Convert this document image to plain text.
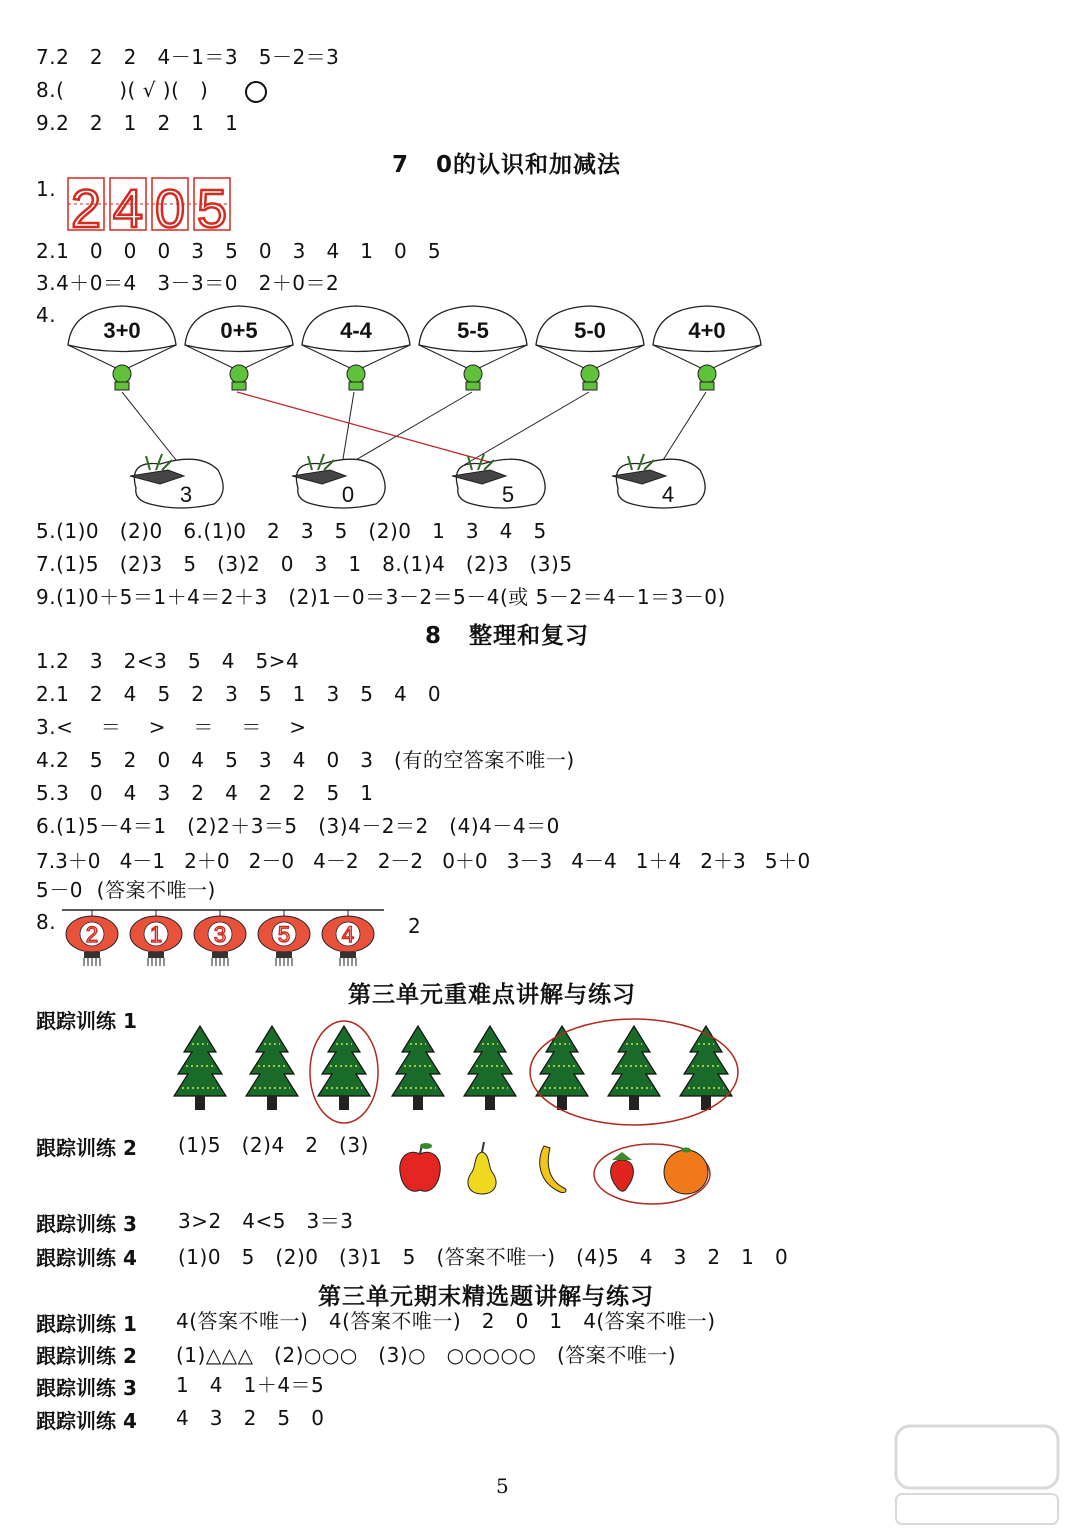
7.2   2   2   4－1＝3   5－2＝3
8.(        )( √ )(   )
9.2   2   1   2   1   1
7   0的认识和加减法
1. 2 4 0 5
2.1   0   0   0   3   5   0   3   4   1   0   5
3.4＋0＝4   3－3＝0   2＋0＝2
4.
3+0	0+5	4-4	5-5	5-0	4+0
3	0	5	4
5.(1)0   (2)0   6.(1)0   2   3   5   (2)0   1   3   4   5
7.(1)5   (2)3   5   (3)2   0   3   1   8.(1)4   (2)3   (3)5
9.(1)0＋5＝1＋4＝2＋3   (2)1－0＝3－2＝5－4(或 5－2＝4－1＝3－0)
8   整理和复习
1.2   3   2<3   5   4   5>4
2.1   2   4   5   2   3   5   1   3   5   4   0
3.<    ＝    >    ＝    ＝    >
4.2   5   2   0   4   5   3   4   0   3   (有的空答案不唯一)
5.3   0   4   3   2   4   2   2   5   1
6.(1)5－4＝1   (2)2＋3＝5   (3)4－2＝2   (4)4－4＝0
7.3＋0   4－1   2＋0   2－0   4－2   2－2   0＋0   3－3   4－4   1＋4   2＋3   5＋0
5－0  (答案不唯一)
8. 2 1 3 5 4	2
第三单元重难点讲解与练习
跟踪训练 1
跟踪训练 2 (1)5   (2)4   2   (3)
跟踪训练 3 3>2   4<5   3＝3
跟踪训练 4 (1)0   5   (2)0   (3)1   5   (答案不唯一)   (4)5   4   3   2   1   0
第三单元期末精选题讲解与练习
跟踪训练 1 4(答案不唯一)   4(答案不唯一)   2   0   1   4(答案不唯一)
跟踪训练 2 (1)△△△   (2)○○○   (3)○   ○○○○○   (答案不唯一)
跟踪训练 3 1   4   1＋4＝5
跟踪训练 4 4   3   2   5   0
5
